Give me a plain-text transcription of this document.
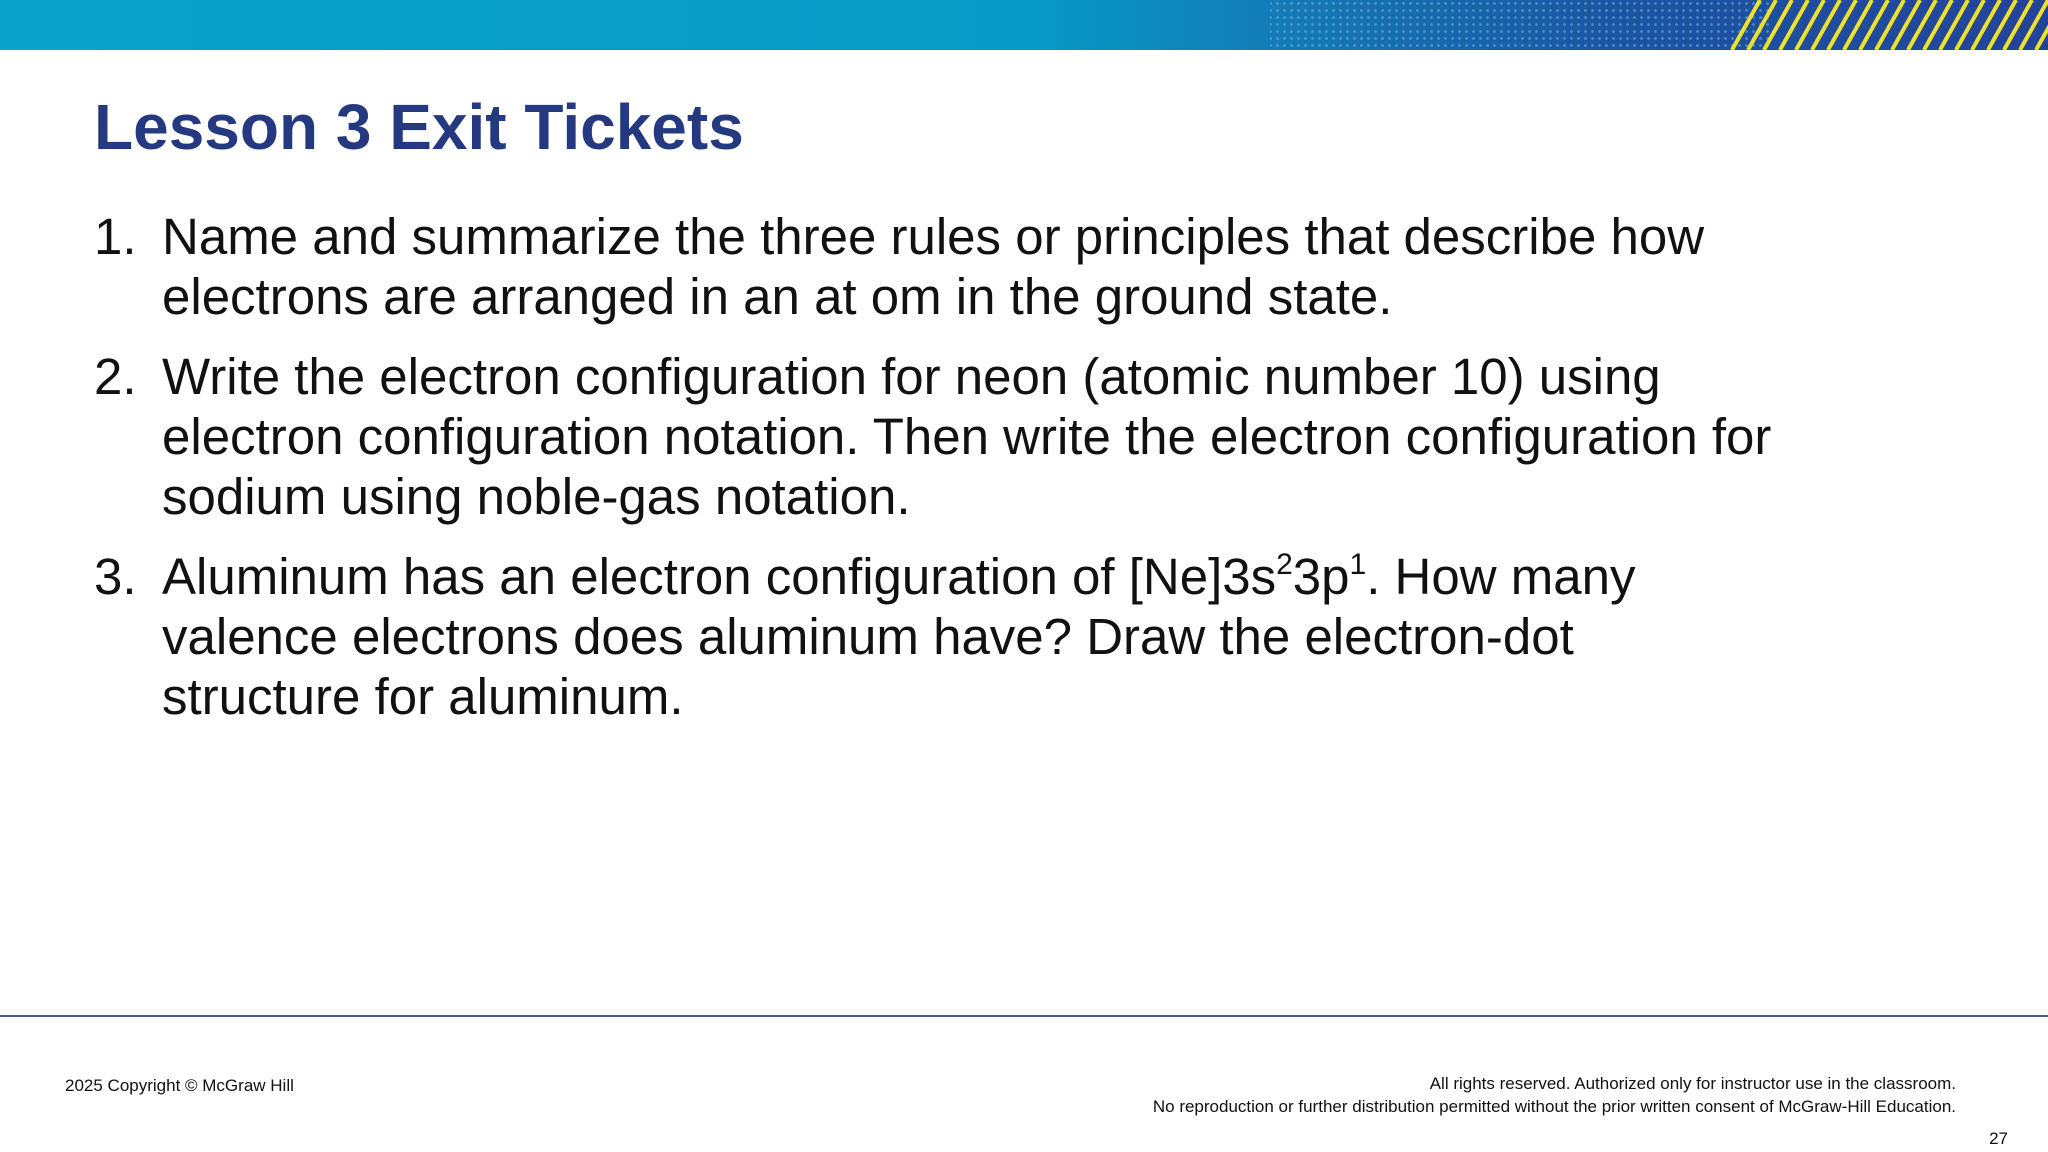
Lesson 3 Exit Tickets
1. Name and summarize the three rules or principles that describe how
electrons are arranged in an at om in the ground state.
2. Write the electron configuration for neon (atomic number 10) using
electron configuration notation. Then write the electron configuration for
sodium using noble-gas notation.
3. Aluminum has an electron configuration of $[Ne]3s^23p^1$. How many
valence electrons does aluminum have? Draw the electron-dot
structure for aluminum.
2025 Copyright © McGraw Hill	All rights reserved. Authorized only for instructor use in the classroom.
No reproduction or further distribution permitted without the prior written consent of McGraw-Hill Education.
27
